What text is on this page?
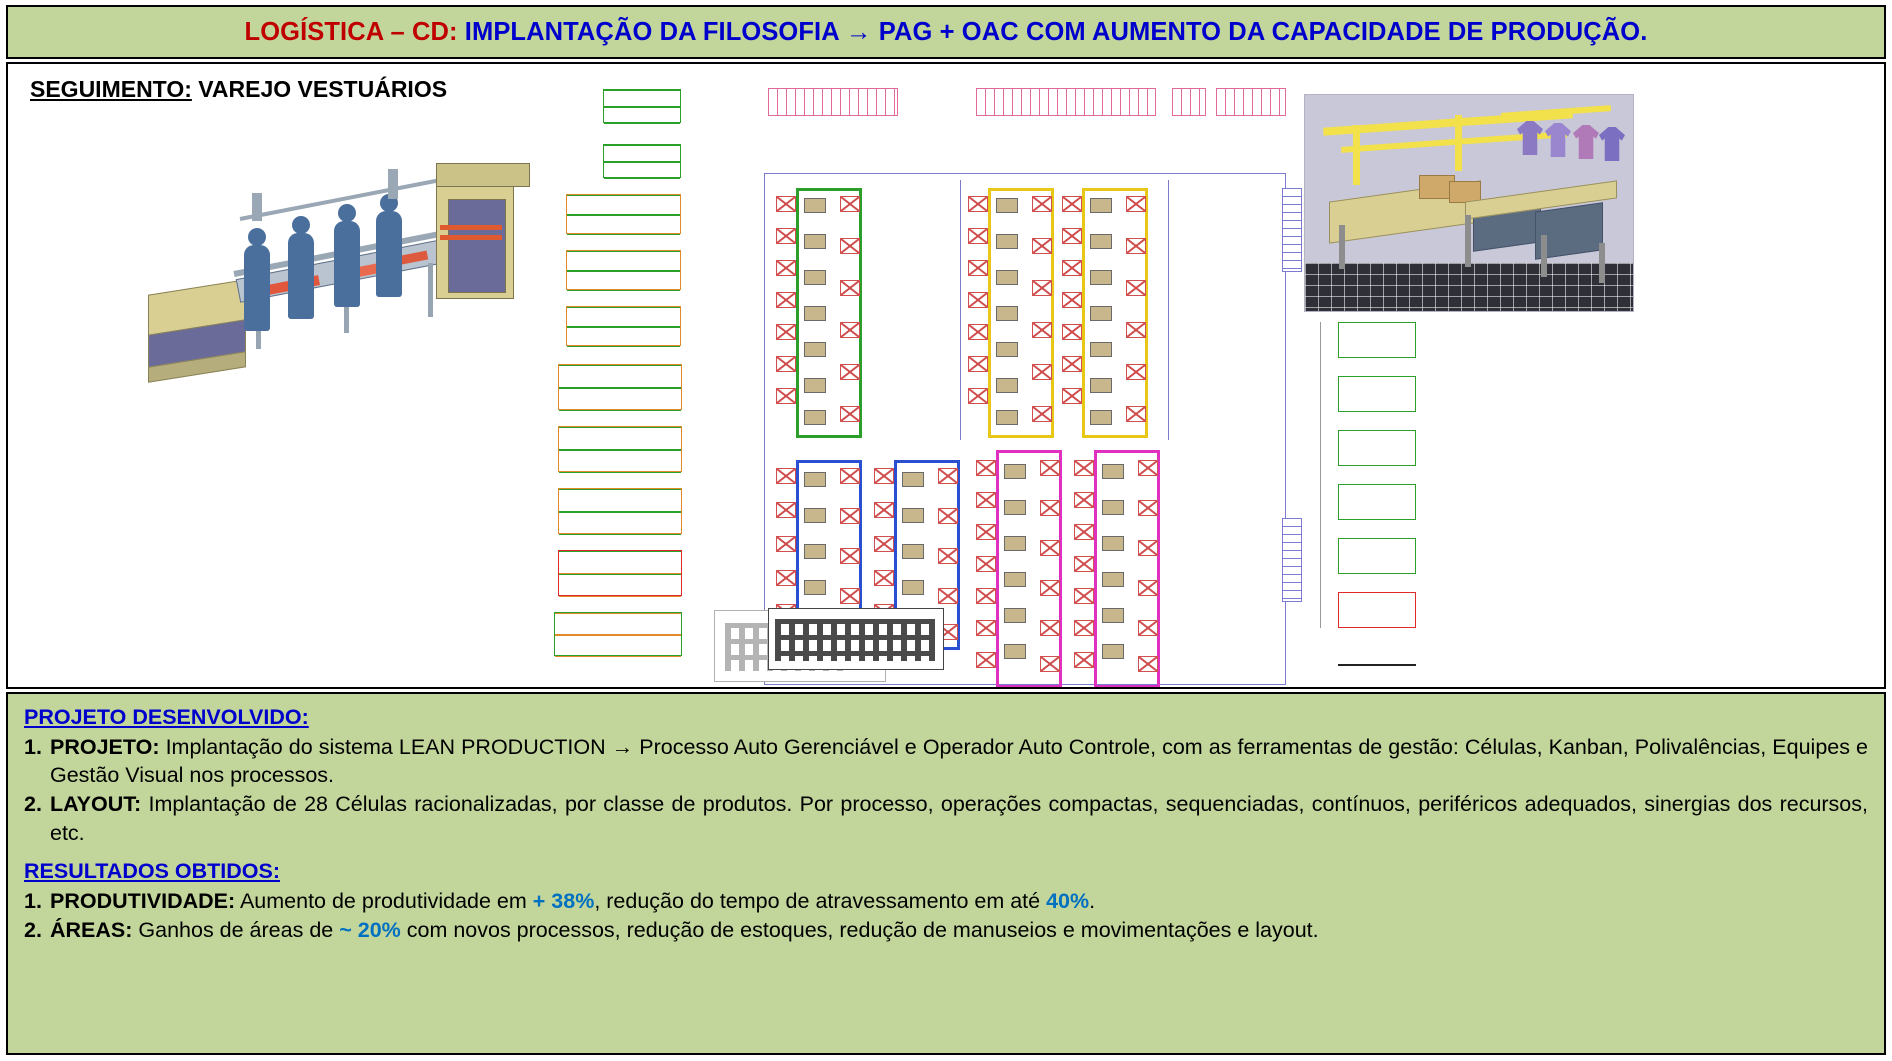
LOGÍSTICA – CD: IMPLANTAÇÃO DA FILOSOFIA → PAG + OAC COM AUMENTO DA CAPACIDADE DE PRODUÇÃO.
SEGUIMENTO: VAREJO VESTUÁRIOS
PROJETO DESENVOLVIDO:
1. PROJETO: Implantação do sistema LEAN PRODUCTION → Processo Auto Gerenciável e Operador Auto Controle, com as ferramentas de gestão: Células, Kanban, Polivalências, Equipes e Gestão Visual nos processos.
2. LAYOUT: Implantação de 28 Células racionalizadas, por classe de produtos. Por processo, operações compactas, sequenciadas, contínuos, periféricos adequados, sinergias dos recursos, etc.
RESULTADOS OBTIDOS:
1. PRODUTIVIDADE: Aumento de produtividade em + 38%, redução do tempo de atravessamento em até 40%.
2. ÁREAS: Ganhos de áreas de ~ 20% com novos processos, redução de estoques, redução de manuseios e movimentações e layout.
